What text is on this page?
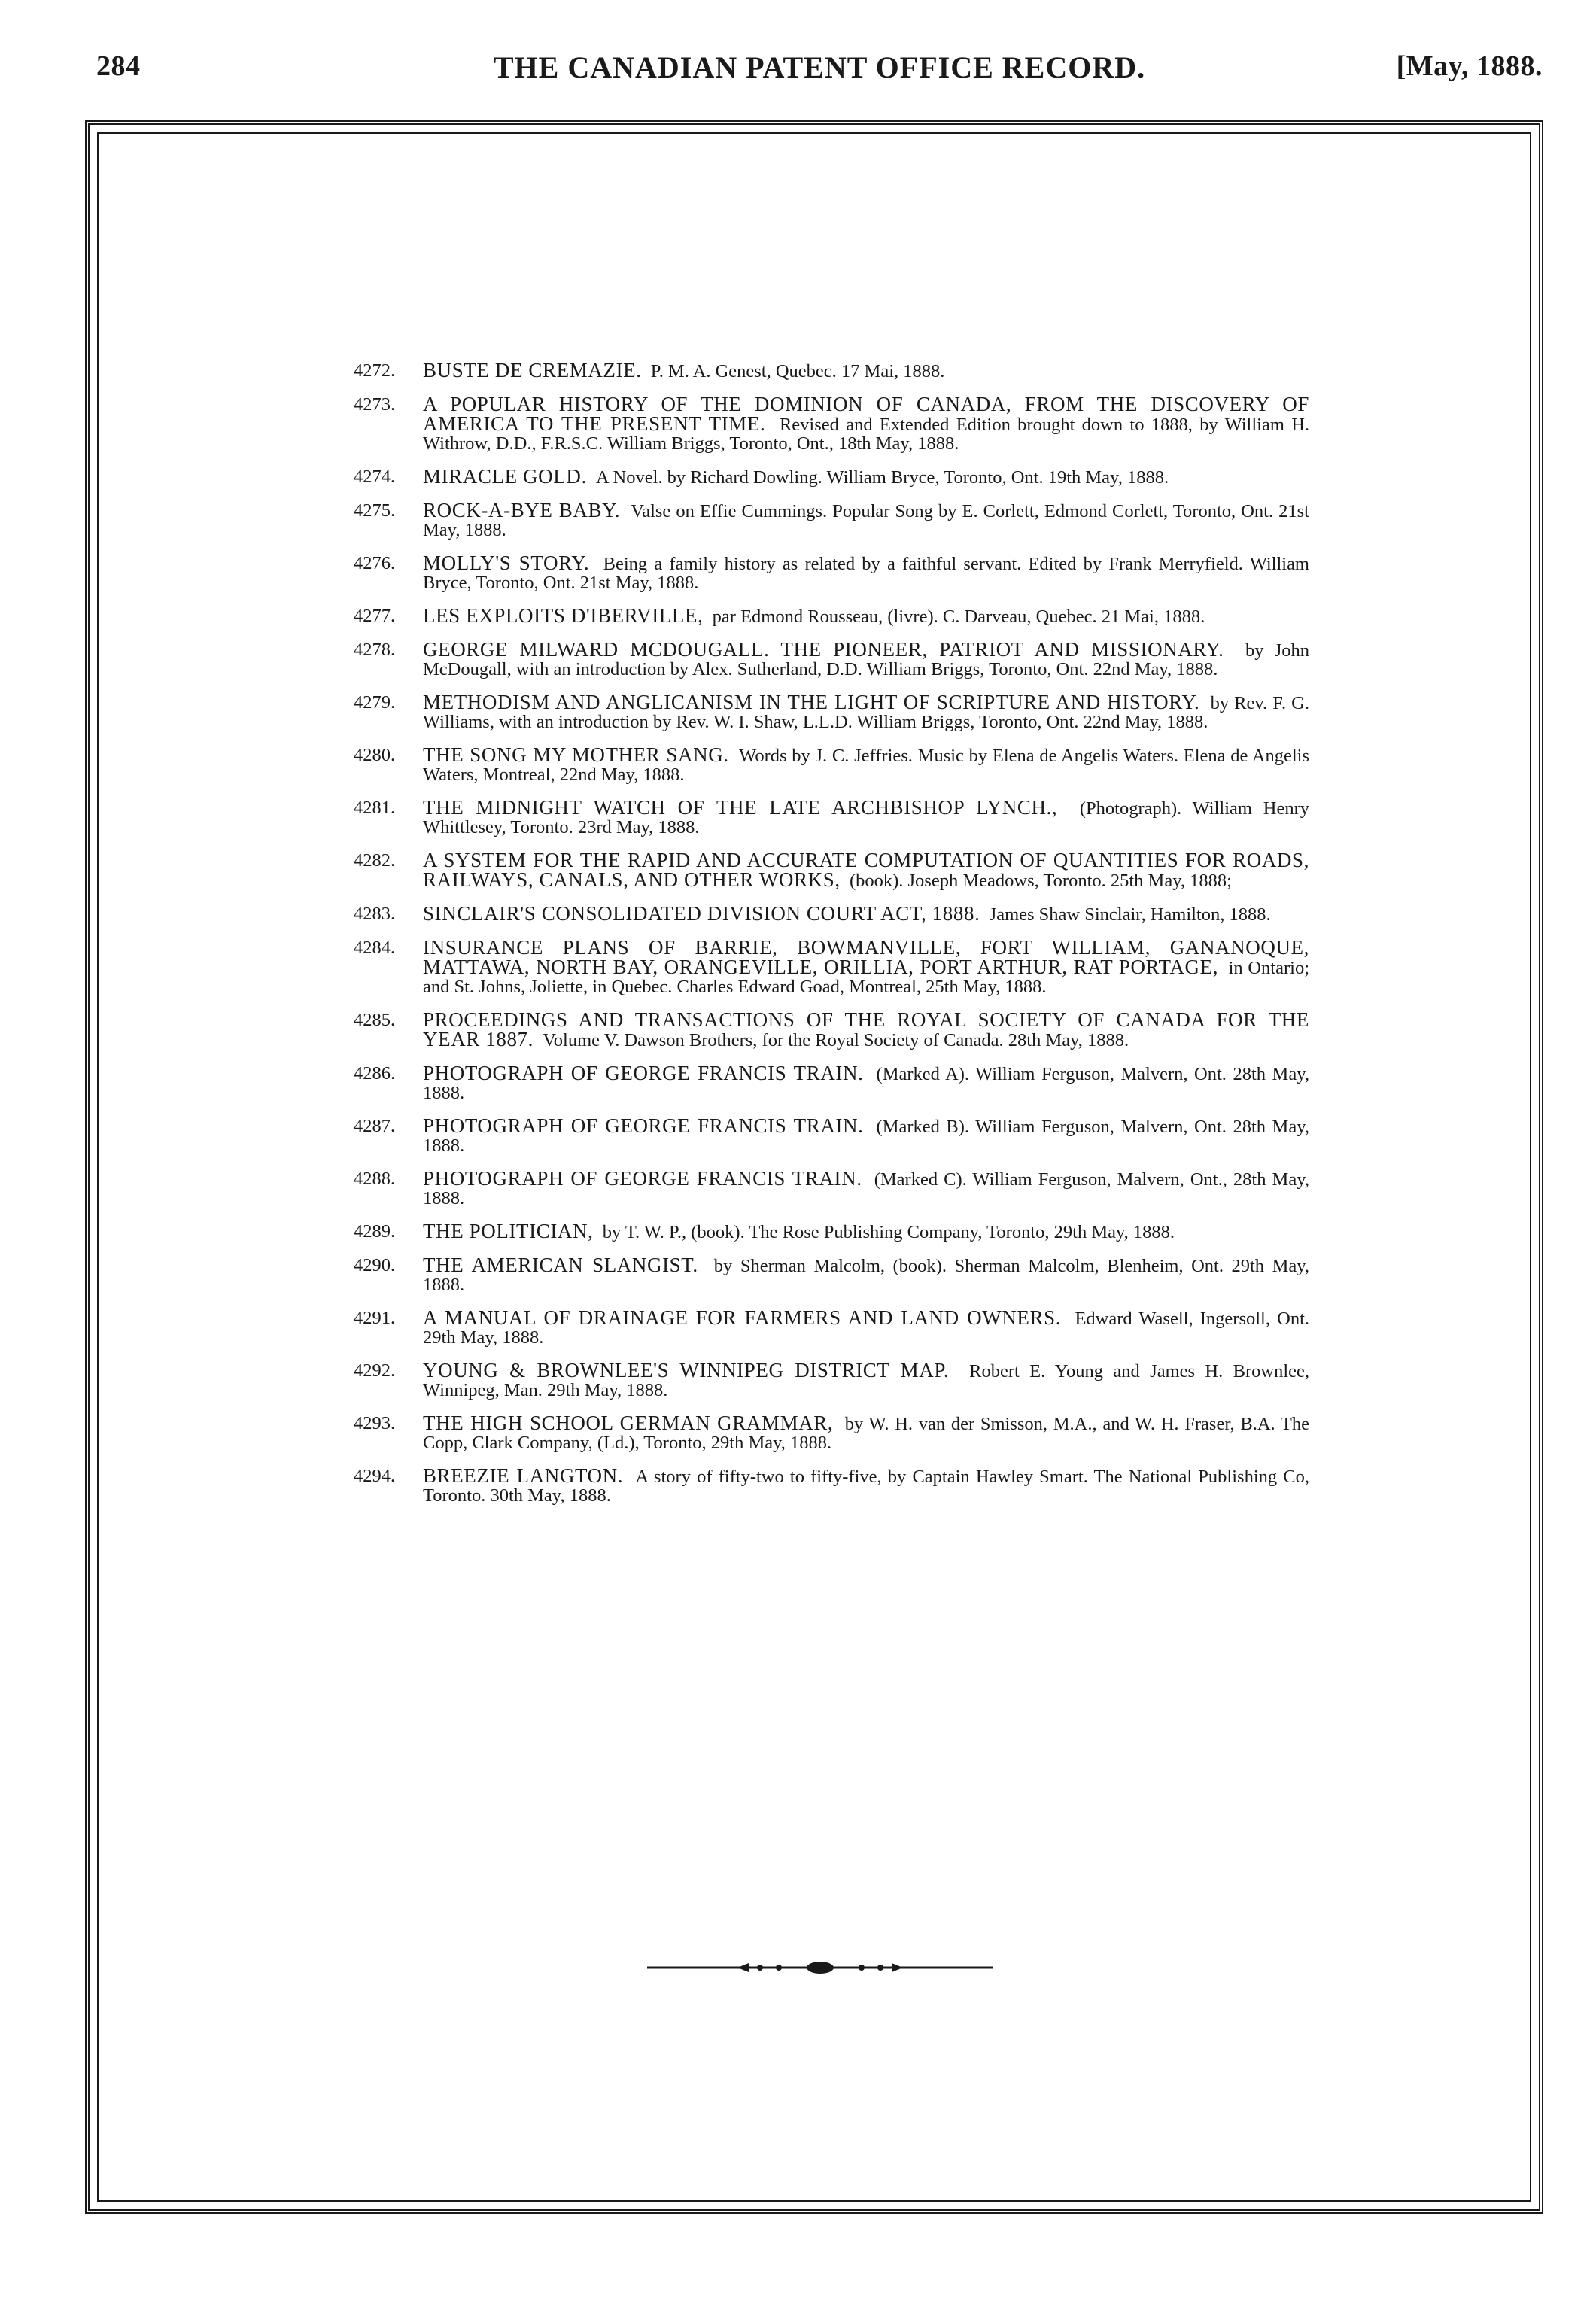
284	THE CANADIAN PATENT OFFICE RECORD.	[May, 1888.
4272.	BUSTE DE CREMAZIE. P. M. A. Genest, Quebec. 17 Mai, 1888.
4273.	A POPULAR HISTORY OF THE DOMINION OF CANADA, FROM THE DISCOVERY OF AMERICA TO THE PRESENT TIME. Revised and Extended Edition brought down to 1888, by William H. Withrow, D.D., F.R.S.C. William Briggs, Toronto, Ont., 18th May, 1888.
4274.	MIRACLE GOLD. A Novel. by Richard Dowling. William Bryce, Toronto, Ont. 19th May, 1888.
4275.	ROCK-A-BYE BABY. Valse on Effie Cummings. Popular Song by E. Corlett, Edmond Corlett, Toronto, Ont. 21st May, 1888.
4276.	MOLLY'S STORY. Being a family history as related by a faithful servant. Edited by Frank Merryfield. William Bryce, Toronto, Ont. 21st May, 1888.
4277.	LES EXPLOITS D'IBERVILLE, par Edmond Rousseau, (livre). C. Darveau, Quebec. 21 Mai, 1888.
4278.	GEORGE MILWARD MCDOUGALL. THE PIONEER, PATRIOT AND MISSIONARY. by John McDougall, with an introduction by Alex. Sutherland, D.D. William Briggs, Toronto, Ont. 22nd May, 1888.
4279.	METHODISM AND ANGLICANISM IN THE LIGHT OF SCRIPTURE AND HISTORY. by Rev. F. G. Williams, with an introduction by Rev. W. I. Shaw, L.L.D. William Briggs, Toronto, Ont. 22nd May, 1888.
4280.	THE SONG MY MOTHER SANG. Words by J. C. Jeffries. Music by Elena de Angelis Waters. Elena de Angelis Waters, Montreal, 22nd May, 1888.
4281.	THE MIDNIGHT WATCH OF THE LATE ARCHBISHOP LYNCH., (Photograph). William Henry Whittlesey, Toronto. 23rd May, 1888.
4282.	A SYSTEM FOR THE RAPID AND ACCURATE COMPUTATION OF QUANTITIES FOR ROADS, RAILWAYS, CANALS, AND OTHER WORKS, (book). Joseph Meadows, Toronto. 25th May, 1888;
4283.	SINCLAIR'S CONSOLIDATED DIVISION COURT ACT, 1888. James Shaw Sinclair, Hamilton, 1888.
4284.	INSURANCE PLANS OF BARRIE, BOWMANVILLE, FORT WILLIAM, GANANOQUE, MATTAWA, NORTH BAY, ORANGEVILLE, ORILLIA, PORT ARTHUR, RAT PORTAGE, in Ontario; and St. Johns, Joliette, in Quebec. Charles Edward Goad, Montreal, 25th May, 1888.
4285.	PROCEEDINGS AND TRANSACTIONS OF THE ROYAL SOCIETY OF CANADA FOR THE YEAR 1887. Volume V. Dawson Brothers, for the Royal Society of Canada. 28th May, 1888.
4286.	PHOTOGRAPH OF GEORGE FRANCIS TRAIN. (Marked A). William Ferguson, Malvern, Ont. 28th May, 1888.
4287.	PHOTOGRAPH OF GEORGE FRANCIS TRAIN. (Marked B). William Ferguson, Malvern, Ont. 28th May, 1888.
4288.	PHOTOGRAPH OF GEORGE FRANCIS TRAIN. (Marked C). William Ferguson, Malvern, Ont., 28th May, 1888.
4289.	THE POLITICIAN, by T. W. P., (book). The Rose Publishing Company, Toronto, 29th May, 1888.
4290.	THE AMERICAN SLANGIST. by Sherman Malcolm, (book). Sherman Malcolm, Blenheim, Ont. 29th May, 1888.
4291.	A MANUAL OF DRAINAGE FOR FARMERS AND LAND OWNERS. Edward Wasell, Ingersoll, Ont. 29th May, 1888.
4292.	YOUNG & BROWNLEE'S WINNIPEG DISTRICT MAP. Robert E. Young and James H. Brownlee, Winnipeg, Man. 29th May, 1888.
4293.	THE HIGH SCHOOL GERMAN GRAMMAR, by W. H. van der Smisson, M.A., and W. H. Fraser, B.A. The Copp, Clark Company, (Ld.), Toronto, 29th May, 1888.
4294.	BREEZIE LANGTON. A story of fifty-two to fifty-five, by Captain Hawley Smart. The National Publishing Co, Toronto. 30th May, 1888.
